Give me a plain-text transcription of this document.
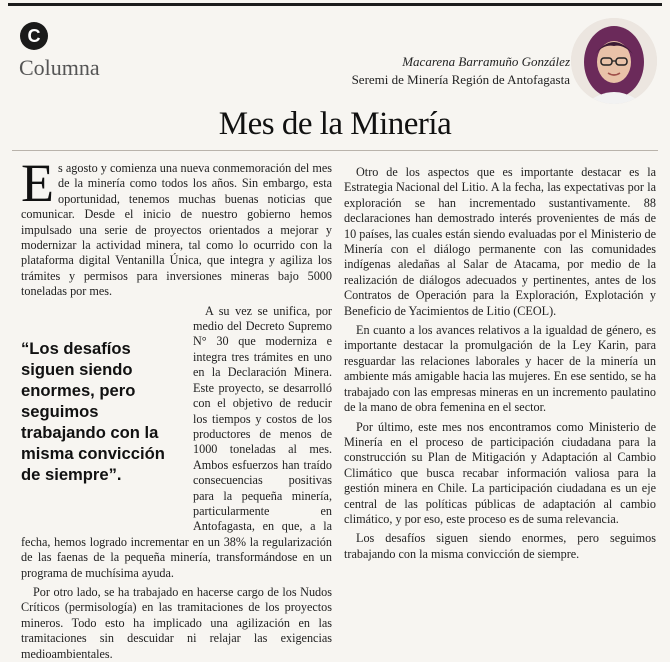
C
Columna	Macarena Barramuño González
Seremi de Minería Región de Antofagasta
Mes de la Minería

Es agosto y comienza una nueva conmemoración del mes de la minería como todos los años. Sin embargo, esta oportunidad, tenemos muchas buenas noticias que comunicar. Desde el inicio de nuestro gobierno hemos impulsado una serie de proyectos orientados a mejorar y modernizar la actividad minera, tal como lo ocurrido con la plataforma digital Ventanilla Única, que integra y agiliza los trámites y permisos para inversiones mineras bajo 5000 toneladas por mes.

“Los desafíos siguen siendo enormes, pero seguimos trabajando con la misma convicción de siempre”.

A su vez se unifica, por medio del Decreto Supremo N° 30 que moderniza e integra tres trámites en uno en la Declaración Minera. Este proyecto, se desarrolló con el objetivo de reducir los tiempos y costos de los productores de menos de 1000 toneladas al mes. Ambos esfuerzos han traído consecuencias positivas para la pequeña minería, particularmente en Antofagasta, en que, a la fecha, hemos logrado incrementar en un 38% la regularización de las faenas de la pequeña minería, transformándose en un programa de muchísima ayuda.

Por otro lado, se ha trabajado en hacerse cargo de los Nudos Críticos (permisología) en las tramitaciones de los proyectos mineros. Todo esto ha implicado una agilización en las tramitaciones sin descuidar ni relajar las exigencias medioambientales.

Otro de los aspectos que es importante destacar es la Estrategia Nacional del Litio. A la fecha, las expectativas por la exploración se han incrementado sustantivamente. 88 declaraciones han demostrado interés provenientes de más de 10 países, las cuales están siendo evaluadas por el Ministerio de Minería con el diálogo permanente con las comunidades indígenas aledañas al Salar de Atacama, por medio de la realización de diálogos adecuados y pertinentes, antes de los Contratos de Operación para la Exploración, Explotación y Beneficio de Yacimientos de Litio (CEOL).

En cuanto a los avances relativos a la igualdad de género, es importante destacar la promulgación de la Ley Karin, para resguardar las relaciones laborales y hacer de la minería un ambiente más amigable hacia las mujeres. En ese sentido, se ha trabajado con las empresas mineras en un incremento paulatino de la mano de obra femenina en el sector.

Por último, este mes nos encontramos como Ministerio de Minería en el proceso de participación ciudadana para la construcción su Plan de Mitigación y Adaptación al Cambio Climático que busca recabar información valiosa para la gestión minera en Chile. La participación ciudadana es un eje central de las políticas públicas de adaptación al cambio climático, y por eso, este proceso es de suma relevancia.

Los desafíos siguen siendo enormes, pero seguimos trabajando con la misma convicción de siempre.
